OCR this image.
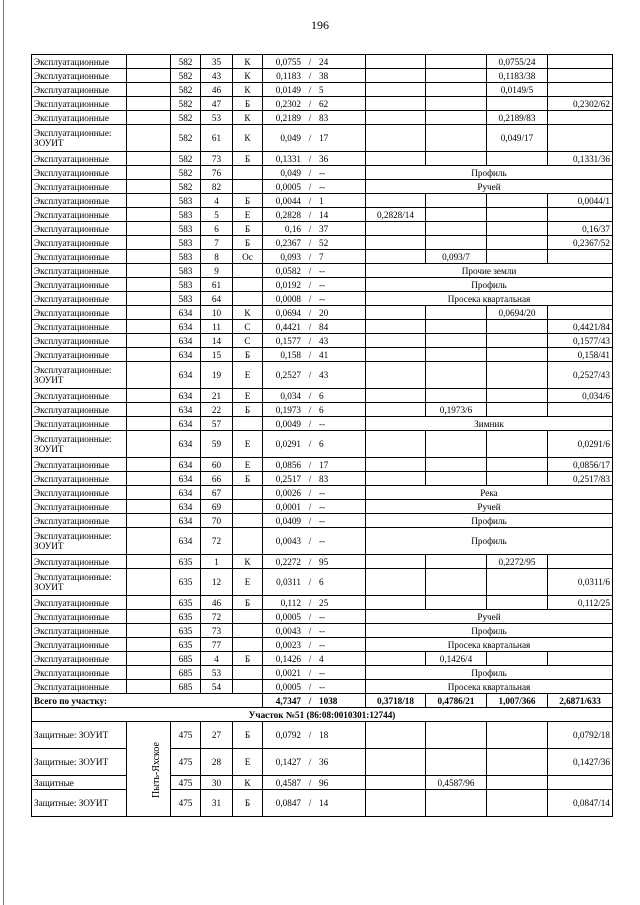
196
Эксплуатационные		582	35	К	0,0755 / 24			0,0755/24	
Эксплуатационные		582	43	К	0,1183 / 38			0,1183/38	
Эксплуатационные		582	46	К	0,0149 / 5			0,0149/5	
Эксплуатационные		582	47	Б	0,2302 / 62				0,2302/62
Эксплуатационные		582	53	К	0,2189 / 83			0,2189/83	
Эксплуатационные: ЗОУИТ		582	61	К	0,049 / 17			0,049/17	
Эксплуатационные		582	73	Б	0,1331 / 36				0,1331/36
Эксплуатационные		582	76		0,049 / --	Профиль			
Эксплуатационные		582	82		0,0005 / --	Ручей			
Эксплуатационные		583	4	Б	0,0044 / 1				0,0044/1
Эксплуатационные		583	5	Е	0,2828 / 14	0,2828/14			
Эксплуатационные		583	6	Б	0,16 / 37				0,16/37
Эксплуатационные		583	7	Б	0,2367 / 52				0,2367/52
Эксплуатационные		583	8	Ос	0,093 / 7		0,093/7		
Эксплуатационные		583	9		0,0582 / --	Прочие земли			
Эксплуатационные		583	61		0,0192 / --	Профиль			
Эксплуатационные		583	64		0,0008 / --	Просека квартальная			
Эксплуатационные		634	10	К	0,0694 / 20			0,0694/20	
Эксплуатационные		634	11	С	0,4421 / 84				0,4421/84
Эксплуатационные		634	14	С	0,1577 / 43				0,1577/43
Эксплуатационные		634	15	Б	0,158 / 41				0,158/41
Эксплуатационные: ЗОУИТ		634	19	Е	0,2527 / 43				0,2527/43
Эксплуатационные		634	21	Е	0,034 / 6				0,034/6
Эксплуатационные		634	22	Б	0,1973 / 6		0,1973/6		
Эксплуатационные		634	57		0,0049 / --	Зимник			
Эксплуатационные: ЗОУИТ		634	59	Е	0,0291 / 6				0,0291/6
Эксплуатационные		634	60	Е	0,0856 / 17				0,0856/17
Эксплуатационные		634	66	Б	0,2517 / 83				0,2517/83
Эксплуатационные		634	67		0,0026 / --	Река			
Эксплуатационные		634	69		0,0001 / --	Ручей			
Эксплуатационные		634	70		0,0409 / --	Профиль			
Эксплуатационные: ЗОУИТ		634	72		0,0043 / --	Профиль			
Эксплуатационные		635	1	К	0,2272 / 95			0,2272/95	
Эксплуатационные: ЗОУИТ		635	12	Е	0,0311 / 6				0,0311/6
Эксплуатационные		635	46	Б	0,112 / 25				0,112/25
Эксплуатационные		635	72		0,0005 / --	Ручей			
Эксплуатационные		635	73		0,0043 / --	Профиль			
Эксплуатационные		635	77		0,0023 / --	Просека квартальная			
Эксплуатационные		685	4	Б	0,1426 / 4		0,1426/4		
Эксплуатационные		685	53		0,0021 / --	Профиль			
Эксплуатационные		685	54		0,0005 / --	Просека квартальная			
Всего по участку:					4,7347 / 1038	0,3718/18	0,4786/21	1,007/366	2,6871/633
Участок №51 (86:08:0010301:12744)									
Защитные: ЗОУИТ	Пыть-Яхское	475	27	Б	0,0792 / 18				0,0792/18
Защитные: ЗОУИТ		475	28	Е	0,1427 / 36				0,1427/36
Защитные		475	30	К	0,4587 / 96		0,4587/96		
Защитные: ЗОУИТ		475	31	Б	0,0847 / 14				0,0847/14
